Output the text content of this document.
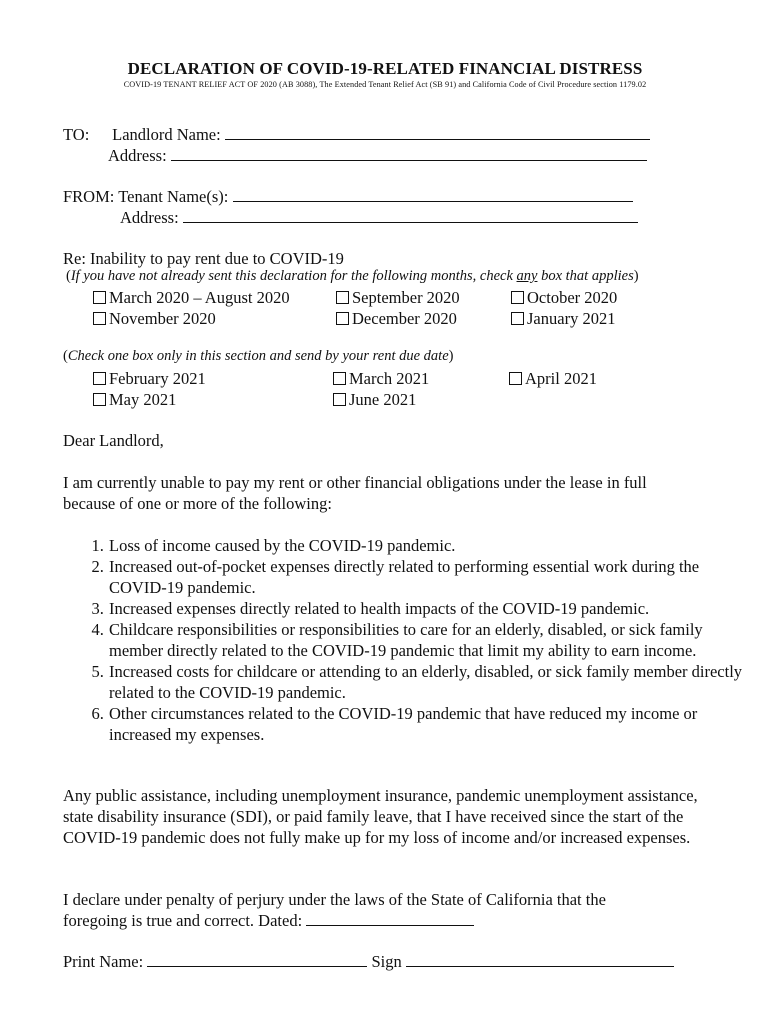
DECLARATION OF COVID-19-RELATED FINANCIAL DISTRESS
COVID-19 TENANT RELIEF ACT OF 2020 (AB 3088), The Extended Tenant Relief Act (SB 91) and California Code of Civil Procedure section 1179.02
TO: Landlord Name:
Address:
FROM: Tenant Name(s):
Address:
Re: Inability to pay rent due to COVID-19
(If you have not already sent this declaration for the following months, check any box that applies)
March 2020 – August 2020	September 2020	October 2020
November 2020	December 2020	January 2021
(Check one box only in this section and send by your rent due date)
February 2021	March 2021	April 2021
May 2021	June 2021
Dear Landlord,
I am currently unable to pay my rent or other financial obligations under the lease in full because of one or more of the following:
1. Loss of income caused by the COVID-19 pandemic.
2. Increased out-of-pocket expenses directly related to performing essential work during the COVID-19 pandemic.
3. Increased expenses directly related to health impacts of the COVID-19 pandemic.
4. Childcare responsibilities or responsibilities to care for an elderly, disabled, or sick family member directly related to the COVID-19 pandemic that limit my ability to earn income.
5. Increased costs for childcare or attending to an elderly, disabled, or sick family member directly related to the COVID-19 pandemic.
6. Other circumstances related to the COVID-19 pandemic that have reduced my income or increased my expenses.
Any public assistance, including unemployment insurance, pandemic unemployment assistance, state disability insurance (SDI), or paid family leave, that I have received since the start of the COVID-19 pandemic does not fully make up for my loss of income and/or increased expenses.
I declare under penalty of perjury under the laws of the State of California that the foregoing is true and correct. Dated:
Print Name:	Sign
